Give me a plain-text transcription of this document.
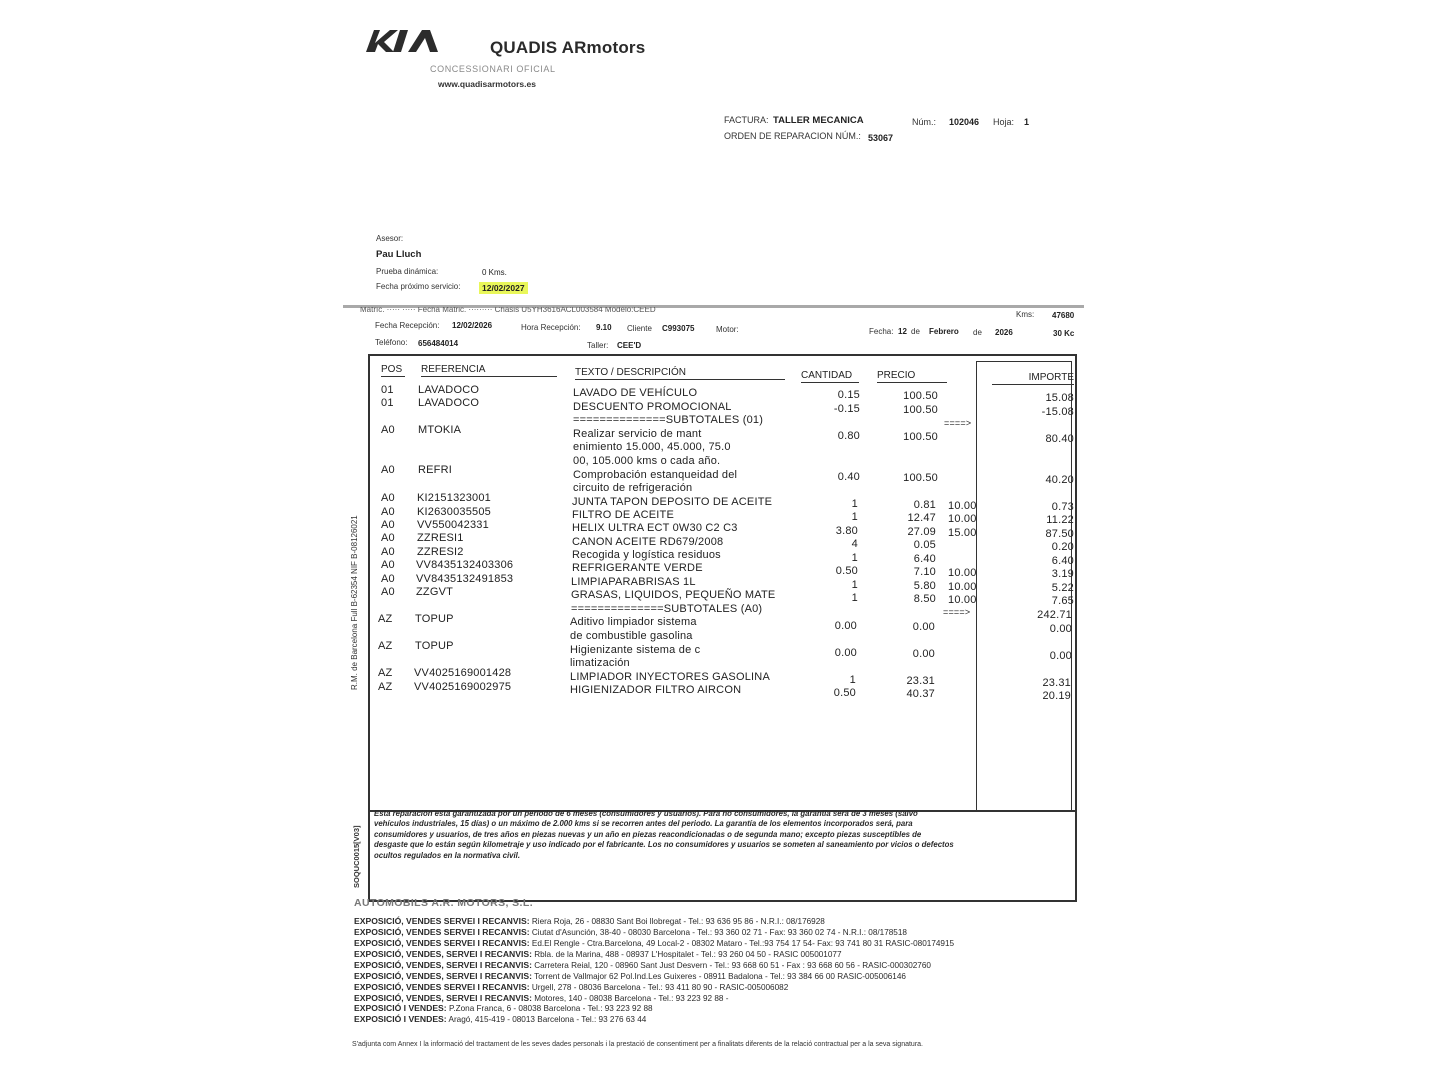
QUADIS ARmotors
CONCESSIONARI OFICIAL
www.quadisarmotors.es
FACTURA: TALLER MECANICA	Núm.: 102046 Hoja: 1
ORDEN DE REPARACION NÚM.: 53067
Asesor:
Pau Lluch
Prueba dinámica:	0 Kms.
Fecha próximo servicio:	12/02/2027
Matríc. ····· ····· Fecha Matric. ········· Chasis U5YH3616ACL003584 Modelo:CEED
Kms: 47680
Fecha Recepción: 12/02/2026	Hora Recepción: 9.10 Cliente C993075	Motor:	Fecha: 12 de Febrero de 2026	30 Kc
Teléfono: 656484014	Taller: CEE'D
R.M. de Barcelona Full B-62354 NIF B-08126021
SOQUC0015[V03]
POS REFERENCIA	TEXTO / DESCRIPCIÓN	CANTIDAD	PRECIO	IMPORTE
01 LAVADOCO	LAVADO DE VEHÍCULO	0.15	100.50	15.08
01 LAVADOCO	DESCUENTO PROMOCIONAL	-0.15	100.50	-15.08
==============SUBTOTALES (01)	====>
A0 MTOKIA	Realizar servicio de mant	0.80	100.50	80.40
enimiento 15.000, 45.000, 75.0
00, 105.000 kms o cada año.
A0 REFRI	Comprobación estanqueidad del	0.40	100.50	40.20
circuito de refrigeración
A0 KI2151323001	JUNTA TAPON DEPOSITO DE ACEITE	1	0.81 10.00	0.73
A0 KI2630035505	FILTRO DE ACEITE	1	12.47 10.00	11.22
A0 VV550042331	HELIX ULTRA ECT 0W30 C2 C3	3.80	27.09 15.00	87.50
A0 ZZRESI1	CANON ACEITE RD679/2008	4	0.05	0.20
A0 ZZRESI2	Recogida y logística residuos	1	6.40	6.40
A0 VV8435132403306	REFRIGERANTE VERDE	0.50	7.10 10.00	3.19
A0 VV8435132491853	LIMPIAPARABRISAS 1L	1	5.80 10.00	5.22
A0 ZZGVT	GRASAS, LIQUIDOS, PEQUEÑO MATE	1	8.50 10.00	7.65
==============SUBTOTALES (A0)	====>	242.71
AZ TOPUP	Aditivo limpiador sistema	0.00	0.00	0.00
de combustible gasolina
AZ TOPUP	Higienizante sistema de c	0.00	0.00	0.00
limatización
AZ VV4025169001428	LIMPIADOR INYECTORES GASOLINA	1	23.31	23.31
AZ VV4025169002975	HIGIENIZADOR FILTRO AIRCON	0.50	40.37	20.19
Esta reparación está garantizada por un periodo de 6 meses (consumidores y usuarios). Para no consumidores, la garantía será de 3 meses (salvo vehículos industriales, 15 días) o un máximo de 2.000 kms si se recorren antes del periodo. La garantía de los elementos incorporados será, para consumidores y usuarios, de tres años en piezas nuevas y un año en piezas reacondicionadas o de segunda mano; excepto piezas susceptibles de desgaste que lo están según kilometraje y uso indicado por el fabricante. Los no consumidores y usuarios se someten al saneamiento por vicios o defectos ocultos regulados en la normativa civil.
AUTOMOBILS A.R. MOTORS, S.L.
EXPOSICIÓ, VENDES SERVEI I RECANVIS: Riera Roja, 26 - 08830 Sant Boi llobregat - Tel.: 93 636 95 86 - N.R.I.: 08/176928
EXPOSICIÓ, VENDES SERVEI I RECANVIS: Ciutat d'Asunción, 38-40 - 08030 Barcelona - Tel.: 93 360 02 71 - Fax: 93 360 02 74 - N.R.I.: 08/178518
EXPOSICIÓ, VENDES SERVEI I RECANVIS: Ed.El Rengle - Ctra.Barcelona, 49 Local-2 - 08302 Mataro - Tel.:93 754 17 54- Fax: 93 741 80 31 RASIC-080174915
EXPOSICIÓ, VENDES, SERVEI I RECANVIS: Rbla. de la Marina, 488 - 08937 L'Hospitalet - Tel.: 93 260 04 50 - RASIC 005001077
EXPOSICIÓ, VENDES, SERVEI I RECANVIS: Carretera Reial, 120 - 08960 Sant Just Desvern - Tel.: 93 668 60 51 - Fax : 93 668 60 56 - RASIC-000302760
EXPOSICIÓ, VENDES, SERVEI I RECANVIS: Torrent de Vallmajor 62 Pol.Ind.Les Guixeres - 08911 Badalona - Tel.: 93 384 66 00 RASIC-005006146
EXPOSICIÓ, VENDES SERVEI I RECANVIS: Urgell, 278 - 08036 Barcelona - Tel.: 93 411 80 90 - RASIC-005006082
EXPOSICIÓ, VENDES, SERVEI I RECANVIS: Motores, 140 - 08038 Barcelona - Tel.: 93 223 92 88 -
EXPOSICIÓ I VENDES: P.Zona Franca, 6 - 08038 Barcelona - Tel.: 93 223 92 88
EXPOSICIÓ I VENDES: Aragó, 415-419 - 08013 Barcelona - Tel.: 93 276 63 44
S'adjunta com Annex I la informació del tractament de les seves dades personals i la prestació de consentiment per a finalitats diferents de la relació contractual per a la seva signatura.
